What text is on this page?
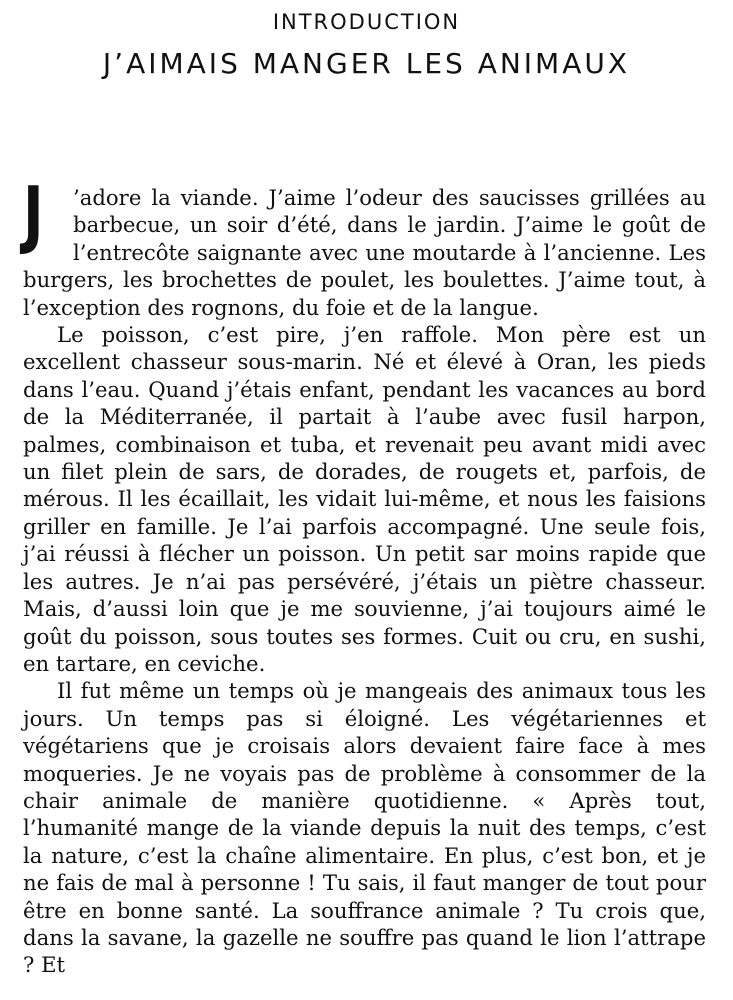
INTRODUCTION
J’AIMAIS MANGER LES ANIMAUX

J	’adore la viande. J’aime l’odeur des saucisses grillées au barbecue, un soir d’été, dans le jardin. J’aime le goût de l’entrecôte saignante avec une moutarde à l’ancienne. Les burgers, les brochettes de poulet, les boulettes. J’aime tout, à l’exception des rognons, du foie et de la langue.

Le poisson, c’est pire, j’en raffole. Mon père est un excellent chasseur sous-marin. Né et élevé à Oran, les pieds dans l’eau. Quand j’étais enfant, pendant les vacances au bord de la Méditerranée, il partait à l’aube avec fusil harpon, palmes, combinaison et tuba, et revenait peu avant midi avec un filet plein de sars, de dorades, de rougets et, parfois, de mérous. Il les écaillait, les vidait lui-même, et nous les faisions griller en famille. Je l’ai parfois accompagné. Une seule fois, j’ai réussi à flécher un poisson. Un petit sar moins rapide que les autres. Je n’ai pas persévéré, j’étais un piètre chasseur. Mais, d’aussi loin que je me souvienne, j’ai toujours aimé le goût du poisson, sous toutes ses formes. Cuit ou cru, en sushi, en tartare, en ceviche.

Il fut même un temps où je mangeais des animaux tous les jours. Un temps pas si éloigné. Les végétariennes et végétariens que je croisais alors devaient faire face à mes moqueries. Je ne voyais pas de problème à consommer de la chair animale de manière quotidienne. « Après tout, l’humanité mange de la viande depuis la nuit des temps, c’est la nature, c’est la chaîne alimentaire. En plus, c’est bon, et je ne fais de mal à personne ! Tu sais, il faut manger de tout pour être en bonne santé. La souffrance animale ? Tu crois que, dans la savane, la gazelle ne souffre pas quand le lion l’attrape ? Et
